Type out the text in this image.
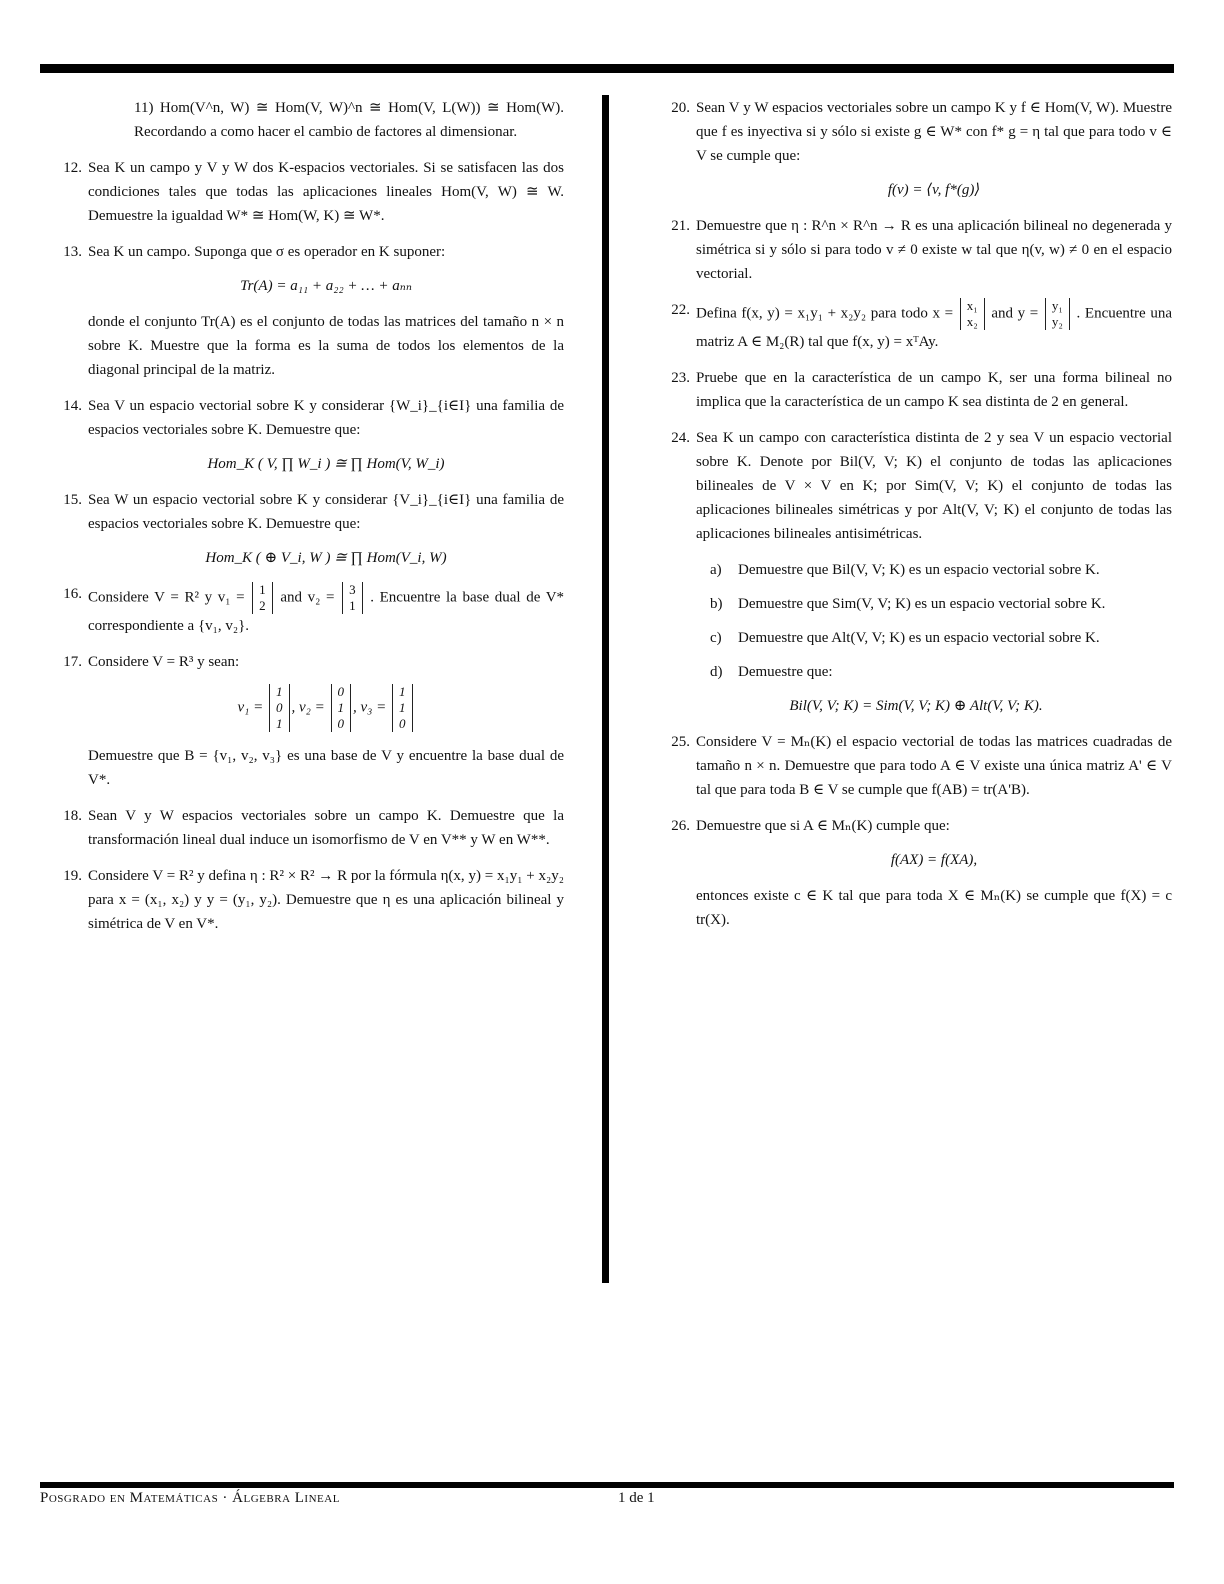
11) Hom(V^n, W) ≅ Hom(V, W)^n ≅ Hom(V, L(W)) ≅ Hom(W). Recordando a como hacer el cambio de factores al dimensionar.
12. Sea K un campo y V y W dos K-espacios vectoriales. Si se satisfacen las dos condiciones tales que todas las aplicaciones lineales Hom(V, W) ≅ W. Demuestre la igualdad W* ≅ Hom(W, K) ≅ W*.
13. Sea K un campo. Suponga que σ es operador en K suponer:
Tr(A) = a₁₁ + a₂₂ + … + aₙₙ
donde el conjunto Tr(A) es el conjunto de todas las matrices del tamaño n × n sobre K. Muestre que la forma es la suma de todos los elementos de la diagonal principal de la matriz.
14. Sea V un espacio vectorial sobre K y considerar {W_i}_{i∈I} una familia de espacios vectoriales sobre K. Demuestre que:
Hom_K ( V, ∏ W_i ) ≅ ∏ Hom(V, W_i)
15. Sea W un espacio vectorial sobre K y considerar {V_i}_{i∈I} una familia de espacios vectoriales sobre K. Demuestre que:
Hom_K ( ⊕ V_i, W ) ≅ ∏ Hom(V_i, W)
16. Considere V = R² y v₁ = 1
2 and v₂ = 3
1 . Encuentre la base dual de V* correspondiente a {v₁, v₂}.
17. Considere V = R³ y sean:
v₁ = 1
0
1, v₂ = 0
1
0, v₃ = 1
1
0
Demuestre que B = {v₁, v₂, v₃} es una base de V y encuentre la base dual de V*.
18. Sean V y W espacios vectoriales sobre un campo K. Demuestre que la transformación lineal dual induce un isomorfismo de V en V** y W en W**.
19. Considere V = R² y defina η : R² × R² → R por la fórmula η(x, y) = x₁y₁ + x₂y₂ para x = (x₁, x₂) y y = (y₁, y₂). Demuestre que η es una aplicación bilineal y simétrica de V en V*.
20. Sean V y W espacios vectoriales sobre un campo K y f ∈ Hom(V, W). Muestre que f es inyectiva si y sólo si existe g ∈ W* con f* g = η tal que para todo v ∈ V se cumple que:
f(v) = ⟨v, f*(g)⟩
21. Demuestre que η : R^n × R^n → R es una aplicación bilineal no degenerada y simétrica si y sólo si para todo v ≠ 0 existe w tal que η(v, w) ≠ 0 en el espacio vectorial.
22. Defina f(x, y) = x₁y₁ + x₂y₂ para todo x = x₁
x₂ and y = y₁
y₂ . Encuentre una matriz A ∈ M₂(R) tal que f(x, y) = xᵀAy.
23. Pruebe que en la característica de un campo K, ser una forma bilineal no implica que la característica de un campo K sea distinta de 2 en general.
24. Sea K un campo con característica distinta de 2 y sea V un espacio vectorial sobre K. Denote por Bil(V, V; K) el conjunto de todas las aplicaciones bilineales de V × V en K; por Sim(V, V; K) el conjunto de todas las aplicaciones bilineales simétricas y por Alt(V, V; K) el conjunto de todas las aplicaciones bilineales antisimétricas.
a)	Demuestre que Bil(V, V; K) es un espacio vectorial sobre K.
b)	Demuestre que Sim(V, V; K) es un espacio vectorial sobre K.
c)	Demuestre que Alt(V, V; K) es un espacio vectorial sobre K.
d)	Demuestre que:
Bil(V, V; K) = Sim(V, V; K) ⊕ Alt(V, V; K).
25. Considere V = Mₙ(K) el espacio vectorial de todas las matrices cuadradas de tamaño n × n. Demuestre que para todo A ∈ V existe una única matriz A' ∈ V tal que para toda B ∈ V se cumple que f(AB) = tr(A'B).
26. Demuestre que si A ∈ Mₙ(K) cumple que:
f(AX) = f(XA),
entonces existe c ∈ K tal que para toda X ∈ Mₙ(K) se cumple que f(X) = c tr(X).
Posgrado en Matemáticas · Álgebra Lineal	1 de 1
